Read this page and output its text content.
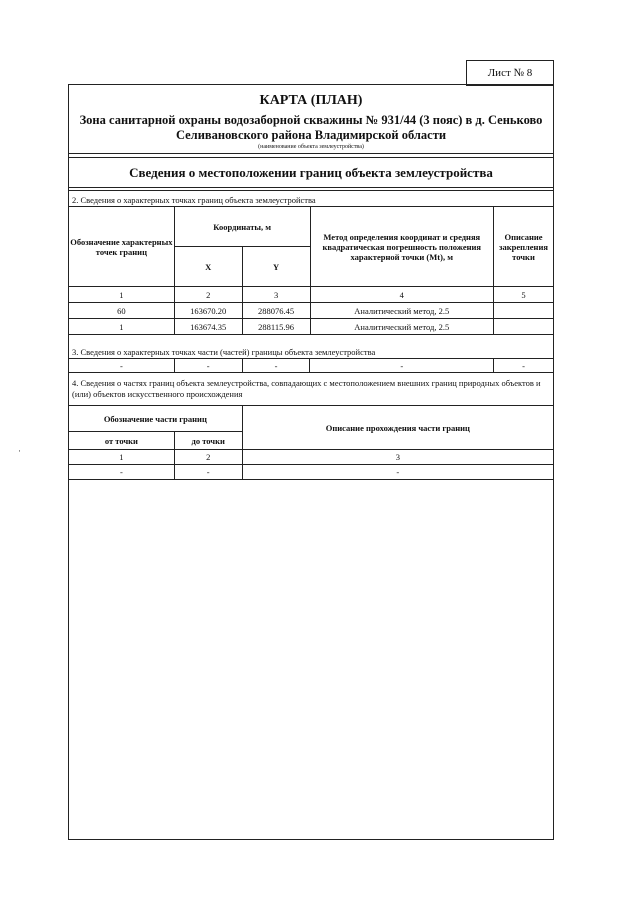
Лист № 8
КАРТА (ПЛАН)
Зона санитарной охраны водозаборной скважины № 931/44 (3 пояс) в д. Сеньково Селивановского района Владимирской области
(наименование объекта землеустройства)
Сведения о местоположении границ объекта землеустройства
2. Сведения о характерных точках границ объекта землеустройства
Обозначение характерных точек границ	Координаты, м		Метод определения координат и средняя квадратическая погрешность положения характерной точки (Mt), м	Описание закрепления точки
	X	Y		
1	2	3	4	5
60	163670.20	288076.45	Аналитический метод, 2.5	
1	163674.35	288115.96	Аналитический метод, 2.5	
3. Сведения о характерных точках части (частей) границы объекта землеустройства
-	-	-	-	-
4. Сведения о частях границ объекта землеустройства, совпадающих с местоположением внешних границ природных объектов и (или) объектов искусственного происхождения
Обозначение части границ		Описание прохождения части границ
от точки	до точки	
1	2	3
-	-	-
·
